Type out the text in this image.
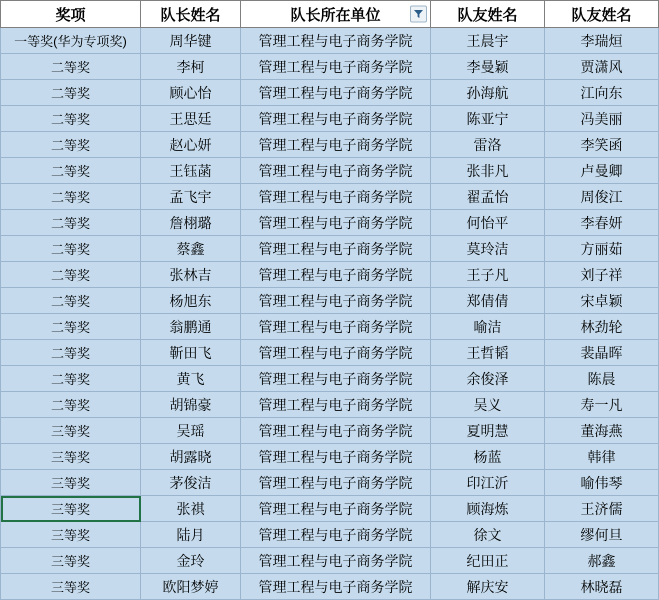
奖项	队长姓名	队长所在单位	队友姓名	队友姓名
一等奖(华为专项奖)	周华键	管理工程与电子商务学院	王晨宇	李瑞烜
二等奖	李柯	管理工程与电子商务学院	李曼颖	贾潇风
二等奖	顾心怡	管理工程与电子商务学院	孙海航	江向东
二等奖	王思廷	管理工程与电子商务学院	陈亚宁	冯美丽
二等奖	赵心妍	管理工程与电子商务学院	雷洛	李笑函
二等奖	王钰菡	管理工程与电子商务学院	张非凡	卢曼卿
二等奖	孟飞宇	管理工程与电子商务学院	翟孟怡	周俊江
二等奖	詹栩璐	管理工程与电子商务学院	何怡平	李春妍
二等奖	蔡鑫	管理工程与电子商务学院	莫玲洁	方丽茹
二等奖	张林吉	管理工程与电子商务学院	王子凡	刘子祥
二等奖	杨旭东	管理工程与电子商务学院	郑倩倩	宋卓颖
二等奖	翁鹏通	管理工程与电子商务学院	喻洁	林劲轮
二等奖	靳田飞	管理工程与电子商务学院	王哲韬	裴晶晖
二等奖	黄飞	管理工程与电子商务学院	余俊泽	陈晨
二等奖	胡锦豪	管理工程与电子商务学院	吴义	寿一凡
三等奖	吴瑶	管理工程与电子商务学院	夏明慧	董海燕
三等奖	胡露晓	管理工程与电子商务学院	杨蓝	韩律
三等奖	茅俊洁	管理工程与电子商务学院	印江沂	喻伟琴
三等奖	张祺	管理工程与电子商务学院	顾海炼	王济儒
三等奖	陆月	管理工程与电子商务学院	徐文	缪何旦
三等奖	金玲	管理工程与电子商务学院	纪田正	郝鑫
三等奖	欧阳梦婷	管理工程与电子商务学院	解庆安	林晓磊
